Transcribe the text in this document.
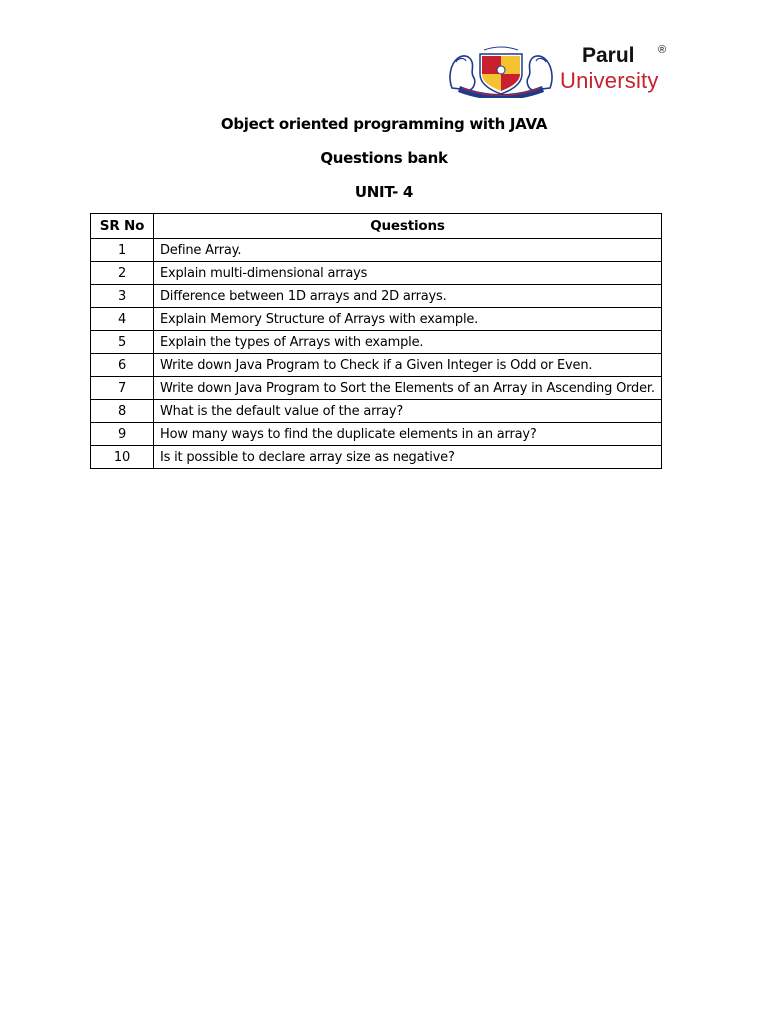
Parul ®
University
Object oriented programming with JAVA
Questions bank
UNIT- 4
SR No	Questions
1	Define Array.
2	Explain multi-dimensional arrays
3	Difference between 1D arrays and 2D arrays.
4	Explain Memory Structure of Arrays with example.
5	Explain the types of Arrays with example.
6	Write down Java Program to Check if a Given Integer is Odd or Even.
7	Write down Java Program to Sort the Elements of an Array in Ascending Order.
8	What is the default value of the array?
9	How many ways to find the duplicate elements in an array?
10	Is it possible to declare array size as negative?
